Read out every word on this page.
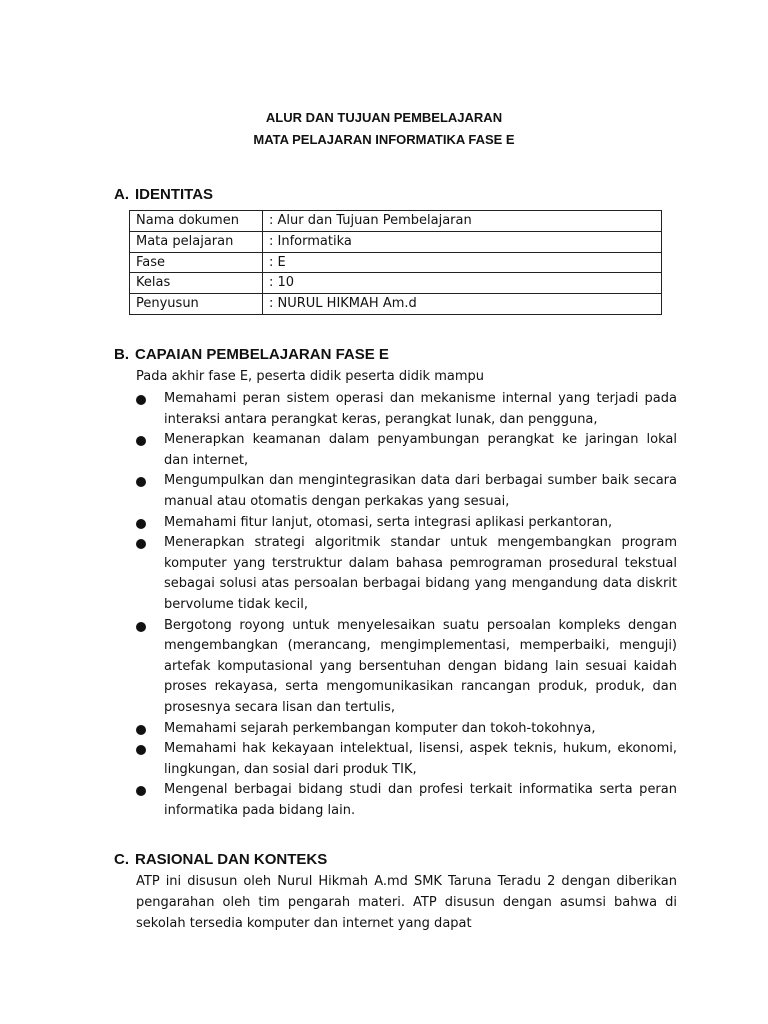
ALUR DAN TUJUAN PEMBELAJARAN
MATA PELAJARAN INFORMATIKA FASE E
A. IDENTITAS
Nama dokumen	: Alur dan Tujuan Pembelajaran
Mata pelajaran	: Informatika
Fase	: E
Kelas	: 10
Penyusun	: NURUL HIKMAH Am.d
B. CAPAIAN PEMBELAJARAN FASE E
Pada akhir fase E, peserta didik peserta didik mampu
Memahami peran sistem operasi dan mekanisme internal yang terjadi pada interaksi antara perangkat keras, perangkat lunak, dan pengguna,
Menerapkan keamanan dalam penyambungan perangkat ke jaringan lokal dan internet,
Mengumpulkan dan mengintegrasikan data dari berbagai sumber baik secara manual atau otomatis dengan perkakas yang sesuai,
Memahami fitur lanjut, otomasi, serta integrasi aplikasi perkantoran,
Menerapkan strategi algoritmik standar untuk mengembangkan program komputer yang terstruktur dalam bahasa pemrograman prosedural tekstual sebagai solusi atas persoalan berbagai bidang yang mengandung data diskrit bervolume tidak kecil,
Bergotong royong untuk menyelesaikan suatu persoalan kompleks dengan mengembangkan (merancang, mengimplementasi, memperbaiki, menguji) artefak komputasional yang bersentuhan dengan bidang lain sesuai kaidah proses rekayasa, serta mengomunikasikan rancangan produk, produk, dan prosesnya secara lisan dan tertulis,
Memahami sejarah perkembangan komputer dan tokoh-tokohnya,
Memahami hak kekayaan intelektual, lisensi, aspek teknis, hukum, ekonomi, lingkungan, dan sosial dari produk TIK,
Mengenal berbagai bidang studi dan profesi terkait informatika serta peran informatika pada bidang lain.
C. RASIONAL DAN KONTEKS
ATP ini disusun oleh Nurul Hikmah A.md SMK Taruna Teradu 2 dengan diberikan pengarahan oleh tim pengarah materi. ATP disusun dengan asumsi bahwa di sekolah tersedia komputer dan internet yang dapat
